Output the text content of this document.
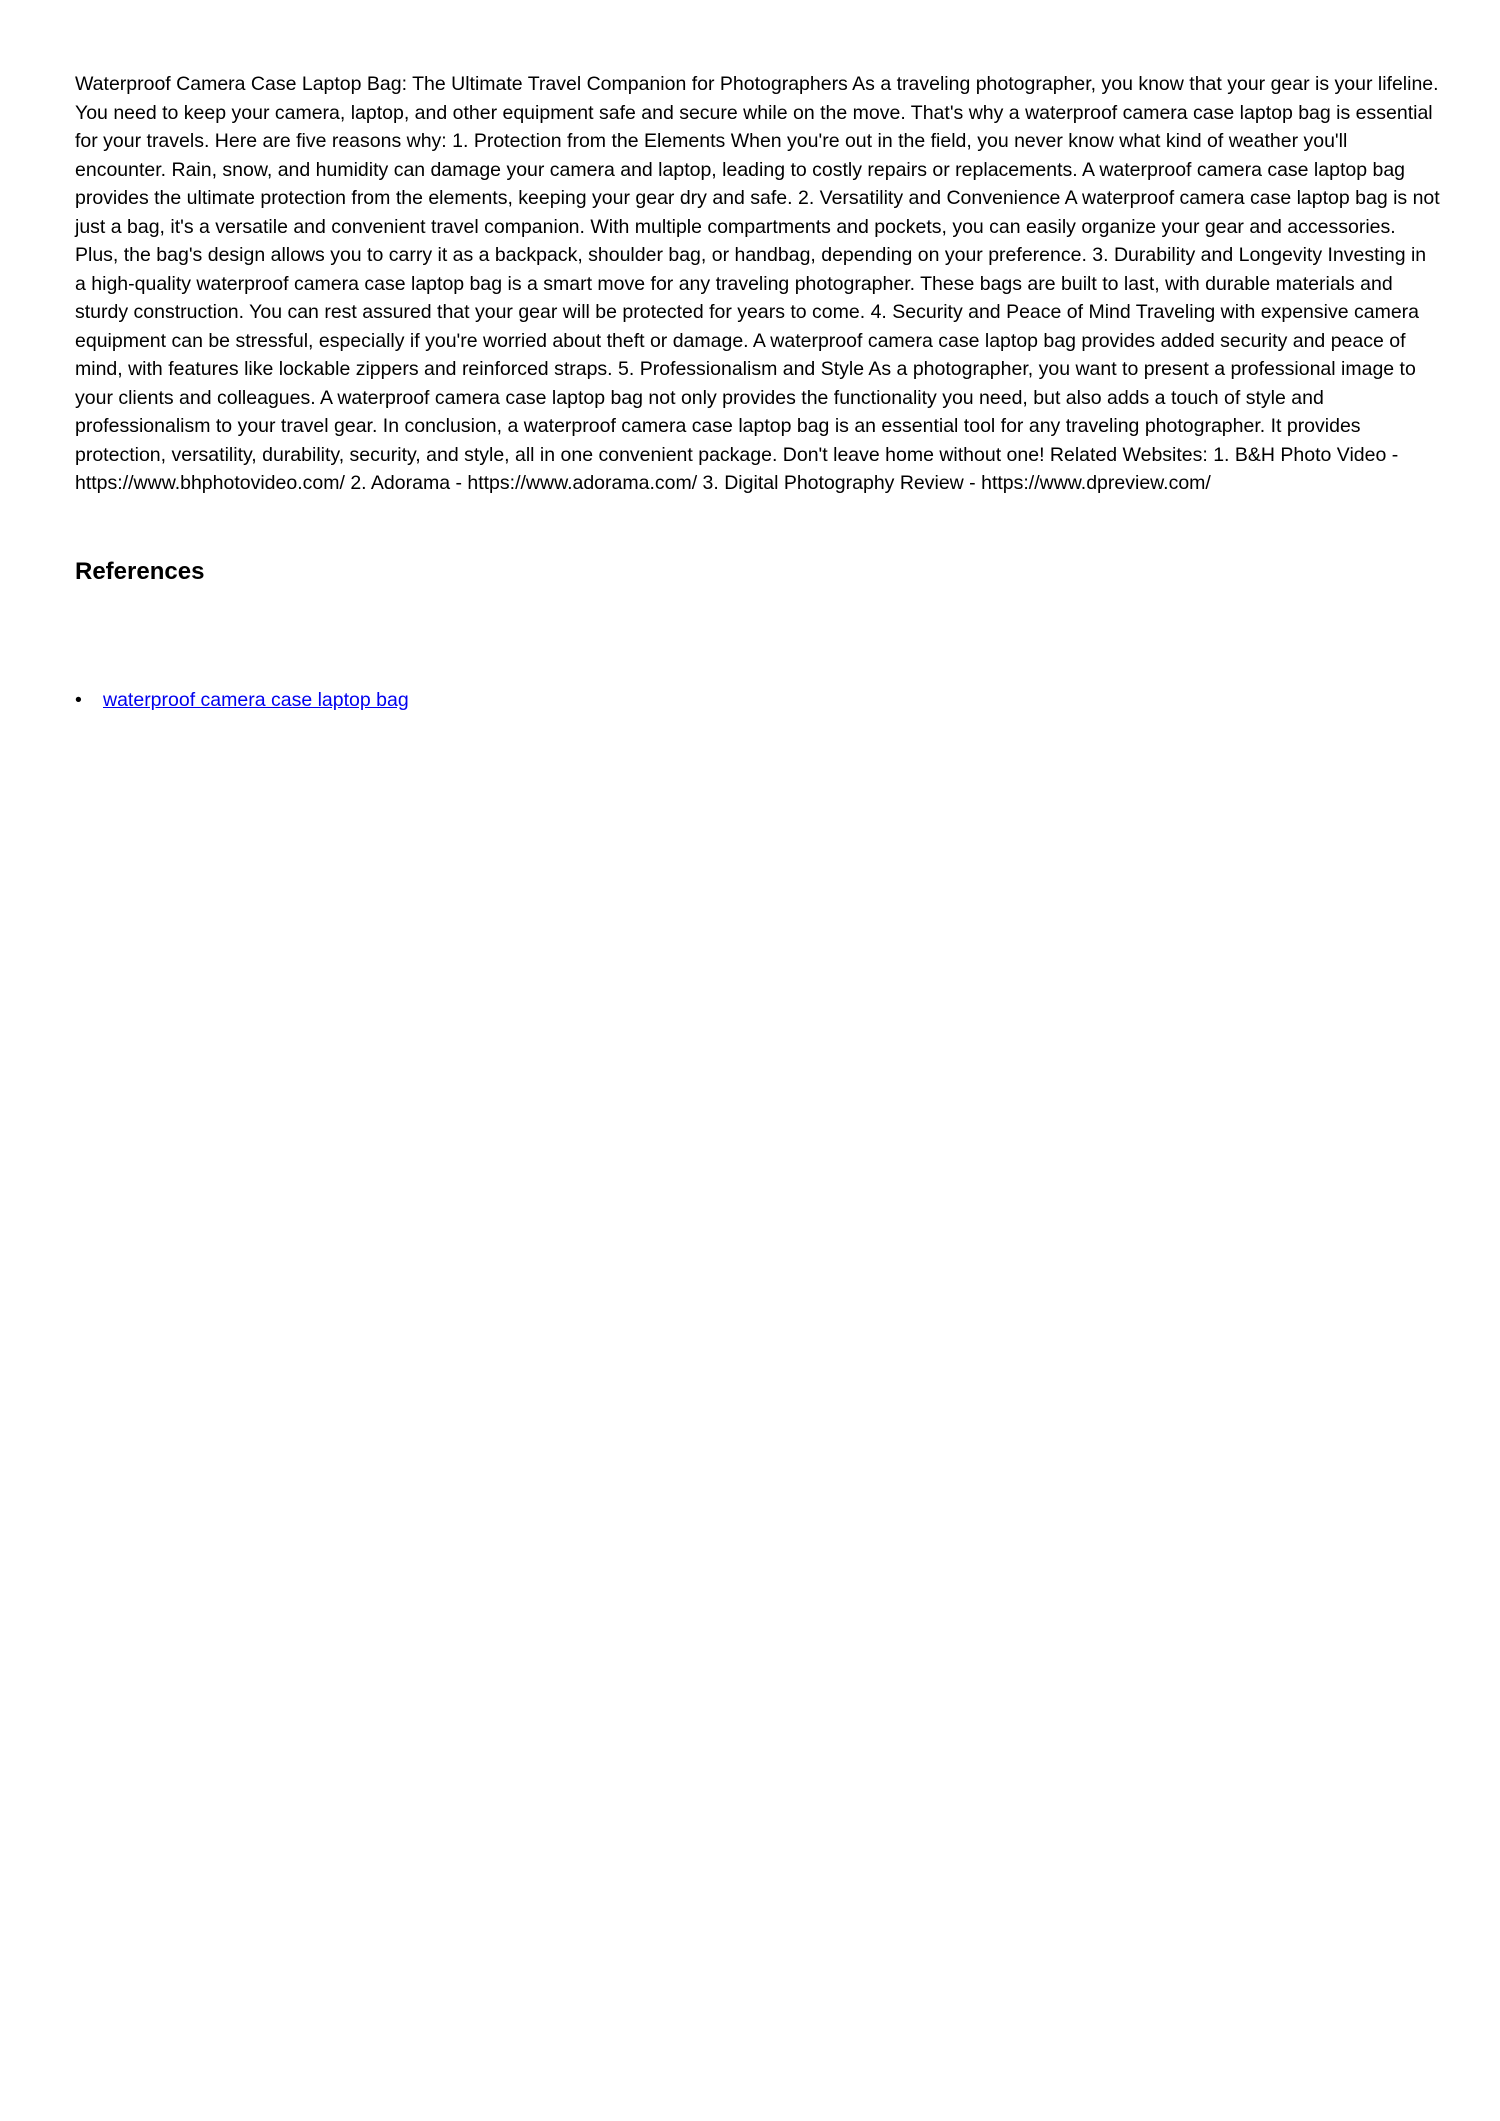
Waterproof Camera Case Laptop Bag: The Ultimate Travel Companion for Photographers As a traveling photographer, you know that your gear is your lifeline. You need to keep your camera, laptop, and other equipment safe and secure while on the move. That's why a waterproof camera case laptop bag is essential for your travels. Here are five reasons why: 1. Protection from the Elements When you're out in the field, you never know what kind of weather you'll encounter. Rain, snow, and humidity can damage your camera and laptop, leading to costly repairs or replacements. A waterproof camera case laptop bag provides the ultimate protection from the elements, keeping your gear dry and safe. 2. Versatility and Convenience A waterproof camera case laptop bag is not just a bag, it's a versatile and convenient travel companion. With multiple compartments and pockets, you can easily organize your gear and accessories. Plus, the bag's design allows you to carry it as a backpack, shoulder bag, or handbag, depending on your preference. 3. Durability and Longevity Investing in a high-quality waterproof camera case laptop bag is a smart move for any traveling photographer. These bags are built to last, with durable materials and sturdy construction. You can rest assured that your gear will be protected for years to come. 4. Security and Peace of Mind Traveling with expensive camera equipment can be stressful, especially if you're worried about theft or damage. A waterproof camera case laptop bag provides added security and peace of mind, with features like lockable zippers and reinforced straps. 5. Professionalism and Style As a photographer, you want to present a professional image to your clients and colleagues. A waterproof camera case laptop bag not only provides the functionality you need, but also adds a touch of style and professionalism to your travel gear. In conclusion, a waterproof camera case laptop bag is an essential tool for any traveling photographer. It provides protection, versatility, durability, security, and style, all in one convenient package. Don't leave home without one! Related Websites: 1. B&H Photo Video - https://www.bhphotovideo.com/ 2. Adorama - https://www.adorama.com/ 3. Digital Photography Review - https://www.dpreview.com/

References
• waterproof camera case laptop bag
